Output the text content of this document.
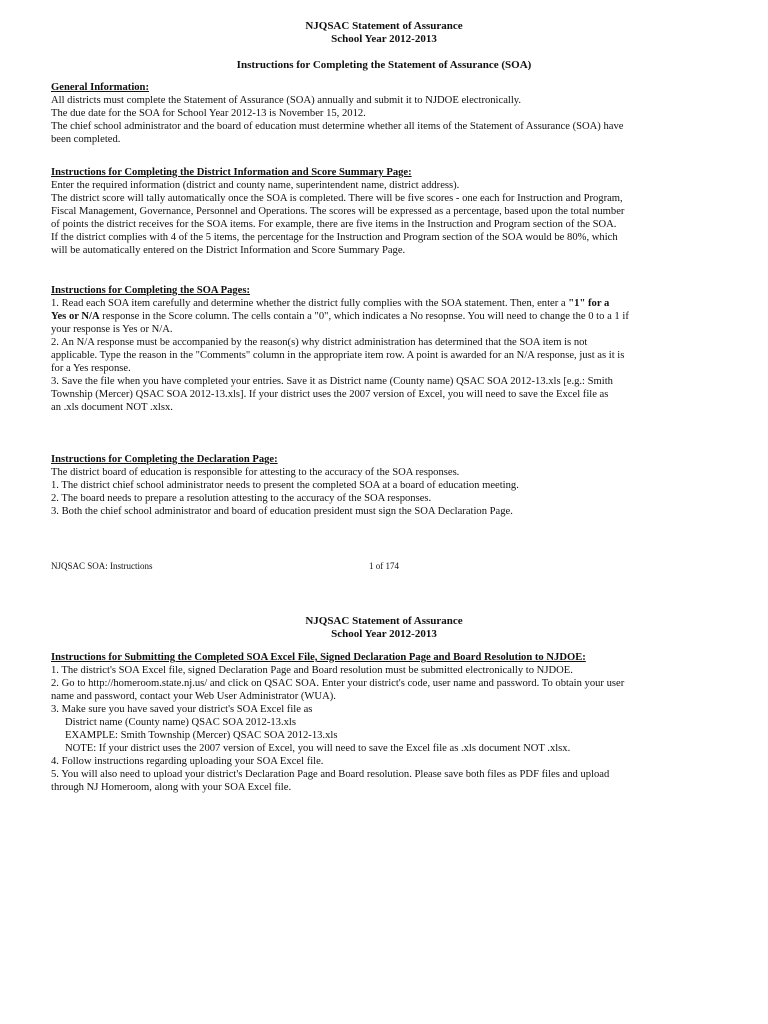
NJQSAC Statement of Assurance
School Year 2012-2013
Instructions for Completing the Statement of Assurance (SOA)
General Information:
All districts must complete the Statement of Assurance (SOA) annually and submit it to NJDOE electronically.
The due date for the SOA for School Year 2012-13 is November 15, 2012.
The chief school administrator and the board of education must determine whether all items of the Statement of Assurance (SOA) have
been completed.
Instructions for Completing the District Information and Score Summary Page:
Enter the required information (district and county name, superintendent name, district address).
The district score will tally automatically once the SOA is completed. There will be five scores - one each for Instruction and Program,
Fiscal Management, Governance, Personnel and Operations. The scores will be expressed as a percentage, based upon the total number
of points the district receives for the SOA items. For example, there are five items in the Instruction and Program section of the SOA.
If the district complies with 4 of the 5 items, the percentage for the Instruction and Program section of the SOA would be 80%, which
will be automatically entered on the District Information and Score Summary Page.
Instructions for Completing the SOA Pages:
1. Read each SOA item carefully and determine whether the district fully complies with the SOA statement. Then, enter a "1" for a
Yes or N/A response in the Score column. The cells contain a "0", which indicates a No resopnse. You will need to change the 0 to a 1 if
your response is Yes or N/A.
2. An N/A response must be accompanied by the reason(s) why district administration has determined that the SOA item is not
applicable. Type the reason in the "Comments" column in the appropriate item row. A point is awarded for an N/A response, just as it is
for a Yes response.
3. Save the file when you have completed your entries. Save it as District name (County name) QSAC SOA 2012-13.xls [e.g.: Smith
Township (Mercer) QSAC SOA 2012-13.xls]. If your district uses the 2007 version of Excel, you will need to save the Excel file as
an .xls document NOT .xlsx.
Instructions for Completing the Declaration Page:
The district board of education is responsible for attesting to the accuracy of the SOA responses.
1. The district chief school administrator needs to present the completed SOA at a board of education meeting.
2. The board needs to prepare a resolution attesting to the accuracy of the SOA responses.
3. Both the chief school administrator and board of education president must sign the SOA Declaration Page.
NJQSAC SOA: Instructions	1 of 174
NJQSAC Statement of Assurance
School Year 2012-2013
Instructions for Submitting the Completed SOA Excel File, Signed Declaration Page and Board Resolution to NJDOE:
1. The district's SOA Excel file, signed Declaration Page and Board resolution must be submitted electronically to NJDOE.
2. Go to http://homeroom.state.nj.us/ and click on QSAC SOA. Enter your district's code, user name and password. To obtain your user
name and password, contact your Web User Administrator (WUA).
3. Make sure you have saved your district's SOA Excel file as
District name (County name) QSAC SOA 2012-13.xls
EXAMPLE: Smith Township (Mercer) QSAC SOA 2012-13.xls
NOTE: If your district uses the 2007 version of Excel, you will need to save the Excel file as .xls document NOT .xlsx.
4. Follow instructions regarding uploading your SOA Excel file.
5. You will also need to upload your district's Declaration Page and Board resolution. Please save both files as PDF files and upload
through NJ Homeroom, along with your SOA Excel file.
